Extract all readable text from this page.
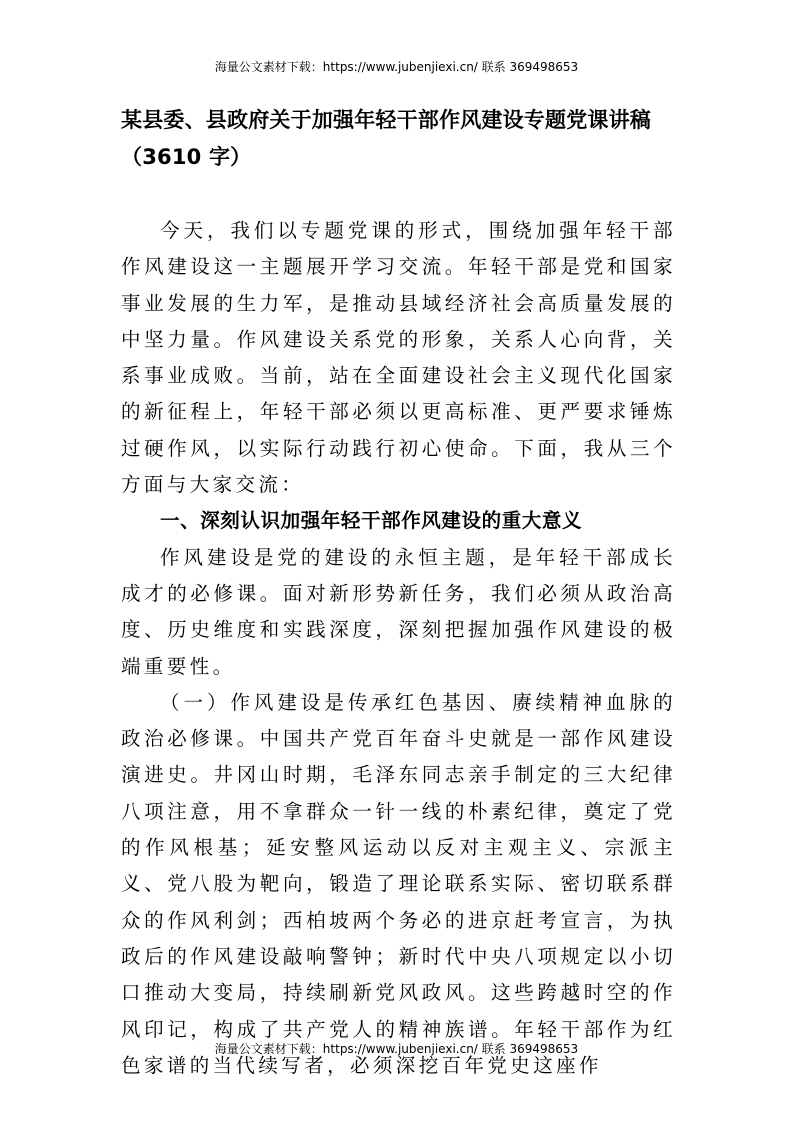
海量公文素材下载：https://www.jubenjiexi.cn/ 联系 369498653
某县委、县政府关于加强年轻干部作风建设专题党课讲稿
（3610 字）

今天，我们以专题党课的形式，围绕加强年轻干部作风建设这一主题展开学习交流。年轻干部是党和国家事业发展的生力军，是推动县域经济社会高质量发展的中坚力量。作风建设关系党的形象，关系人心向背，关系事业成败。当前，站在全面建设社会主义现代化国家的新征程上，年轻干部必须以更高标准、更严要求锤炼过硬作风，以实际行动践行初心使命。下面，我从三个方面与大家交流：

一、深刻认识加强年轻干部作风建设的重大意义

作风建设是党的建设的永恒主题，是年轻干部成长成才的必修课。面对新形势新任务，我们必须从政治高度、历史维度和实践深度，深刻把握加强作风建设的极端重要性。

（一）作风建设是传承红色基因、赓续精神血脉的政治必修课。中国共产党百年奋斗史就是一部作风建设演进史。井冈山时期，毛泽东同志亲手制定的三大纪律八项注意，用不拿群众一针一线的朴素纪律，奠定了党的作风根基；延安整风运动以反对主观主义、宗派主义、党八股为靶向，锻造了理论联系实际、密切联系群众的作风利剑；西柏坡两个务必的进京赶考宣言，为执政后的作风建设敲响警钟；新时代中央八项规定以小切口推动大变局，持续刷新党风政风。这些跨越时空的作风印记，构成了共产党人的精神族谱。年轻干部作为红色家谱的当代续写者，必须深挖百年党史这座作

海量公文素材下载：https://www.jubenjiexi.cn/ 联系 369498653
